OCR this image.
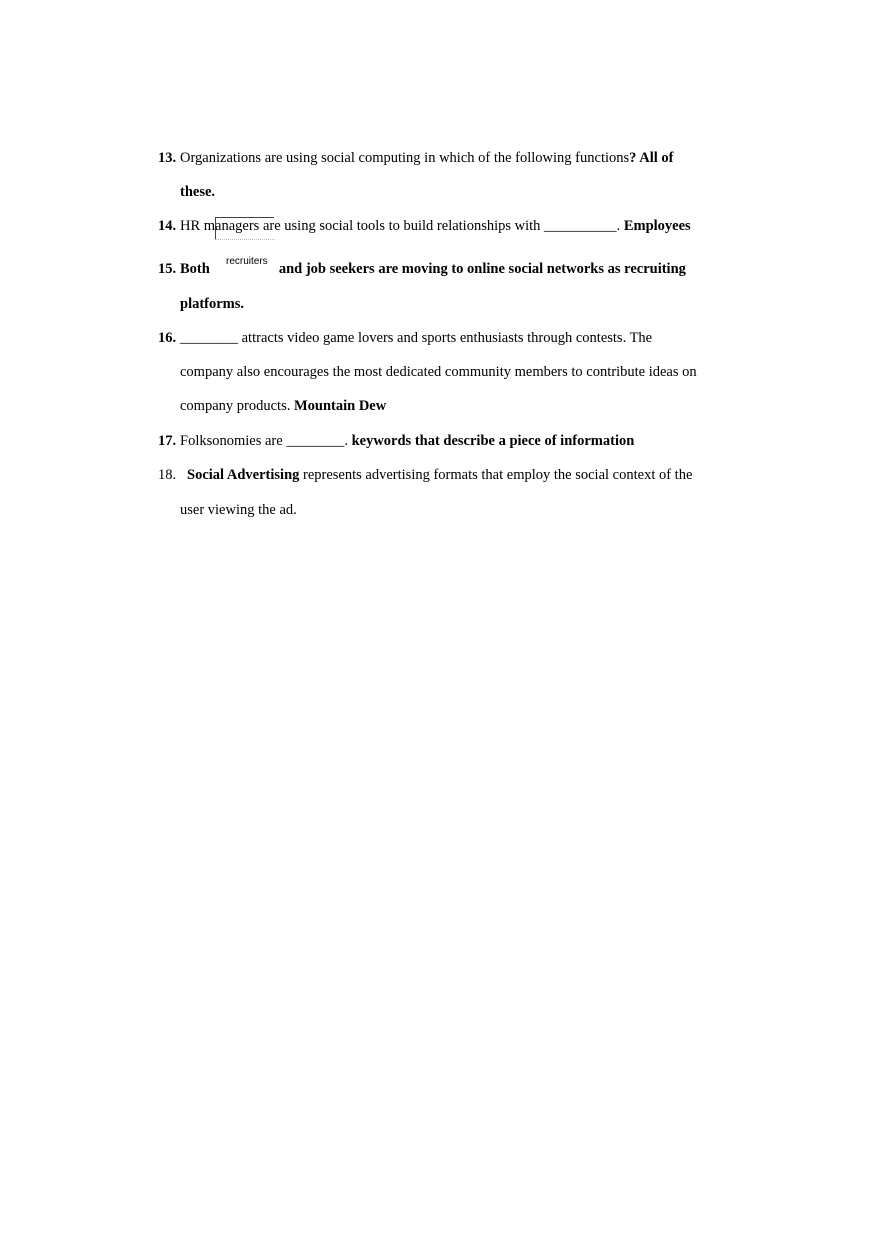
13. Organizations are using social computing in which of the following functions? All of
these.
14. HR managers are using social tools to build relationships with __________. Employees
recruiters
15. Both	and job seekers are moving to online social networks as recruiting
platforms.
16. ________ attracts video game lovers and sports enthusiasts through contests. The
company also encourages the most dedicated community members to contribute ideas on
company products. Mountain Dew
17. Folksonomies are ________. keywords that describe a piece of information
18. Social Advertising represents advertising formats that employ the social context of the
user viewing the ad.
